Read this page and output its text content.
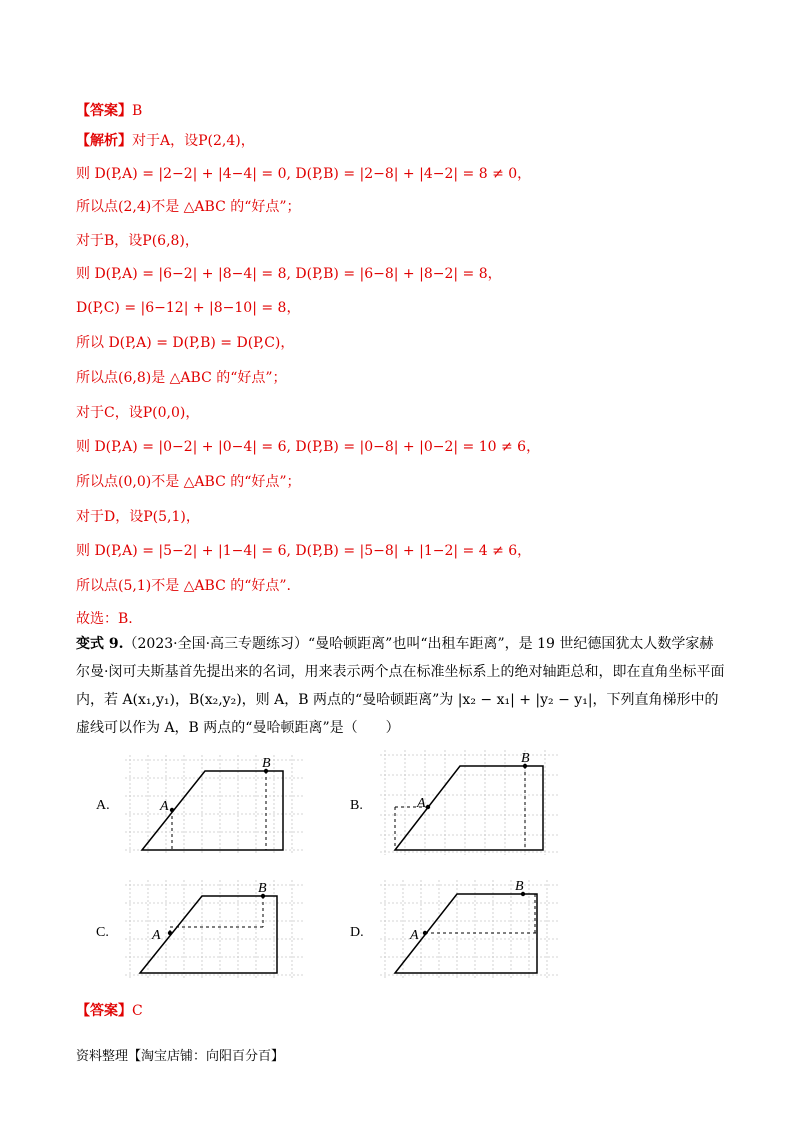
【答案】B
【解析】对于A，设P(2,4)，
则 D(P,A) = |2−2| + |4−4| = 0, D(P,B) = |2−8| + |4−2| = 8 ≠ 0，
所以点(2,4)不是 △ABC 的“好点”；
对于B，设P(6,8)，
则 D(P,A) = |6−2| + |8−4| = 8, D(P,B) = |6−8| + |8−2| = 8，
D(P,C) = |6−12| + |8−10| = 8，
所以 D(P,A) = D(P,B) = D(P,C)，
所以点(6,8)是 △ABC 的“好点”；
对于C，设P(0,0)，
则 D(P,A) = |0−2| + |0−4| = 6, D(P,B) = |0−8| + |0−2| = 10 ≠ 6，
所以点(0,0)不是 △ABC 的“好点”；
对于D，设P(5,1)，
则 D(P,A) = |5−2| + |1−4| = 6, D(P,B) = |5−8| + |1−2| = 4 ≠ 6，
所以点(5,1)不是 △ABC 的“好点”.
故选：B.
变式 9.（2023·全国·高三专题练习）“曼哈顿距离”也叫“出租车距离”，是 19 世纪德国犹太人数学家赫尔曼·闵可夫斯基首先提出来的名词，用来表示两个点在标准坐标系上的绝对轴距总和，即在直角坐标平面内，若 A(x₁,y₁)，B(x₂,y₂)，则 A，B 两点的“曼哈顿距离”为 |x₂ − x₁| + |y₂ − y₁|，下列直角梯形中的虚线可以作为 A，B 两点的“曼哈顿距离”是（　　）
A.	A
B
B.	A
B
C.	A
B
D.	A
B
【答案】C
资料整理【淘宝店铺：向阳百分百】
